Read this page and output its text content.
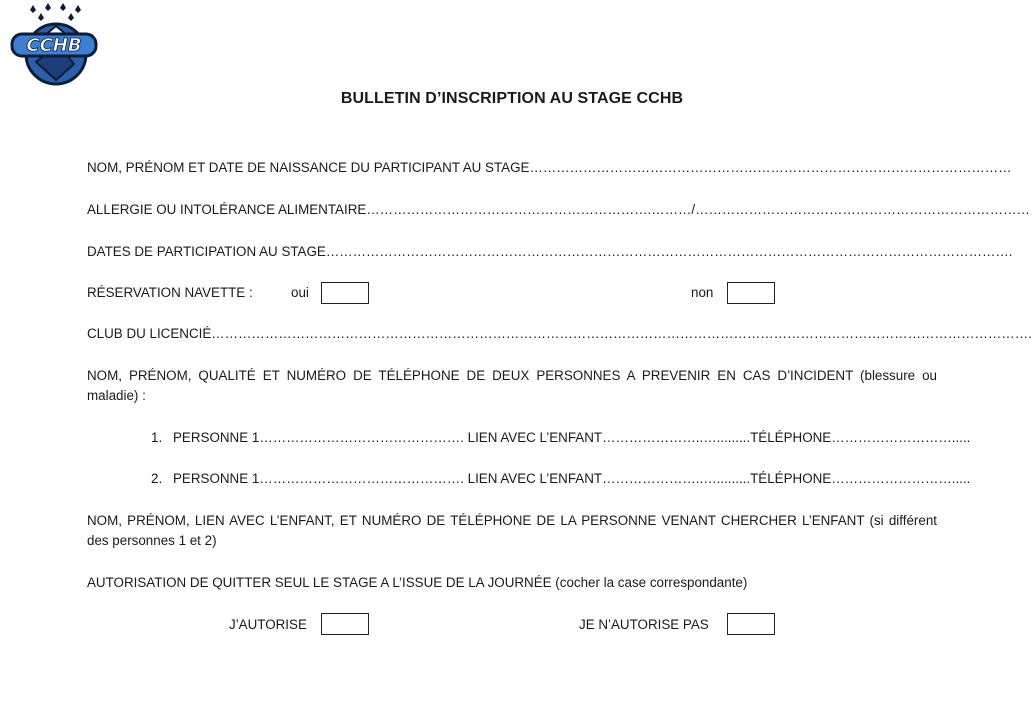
CCHB
BULLETIN D’INSCRIPTION AU STAGE CCHB
NOM, PRÉNOM ET DATE DE NAISSANCE DU PARTICIPANT AU STAGE………………………………………………………………………………………………
ALLERGIE OU INTOLÉRANCE ALIMENTAIRE……………………………………………………….………/…………………………………………………………………
DATES DE PARTICIPATION AU STAGE……………………………………………………………………………………………………………………………………….
RÉSERVATION NAVETTE :	oui	non
CLUB DU LICENCIÉ………………………………………………………………………………………………………………………………………………………………….
NOM, PRÉNOM, QUALITÉ ET NUMÉRO DE TÉLÉPHONE DE DEUX PERSONNES A PREVENIR EN CAS D’INCIDENT (blessure ou maladie) :
1. PERSONNE 1………………………………………. LIEN AVEC L’ENFANT…………………..….........TÉLÉPHONE……………………….....
2. PERSONNE 1………………………………………. LIEN AVEC L’ENFANT…………………..….........TÉLÉPHONE……………………….....
NOM, PRÉNOM, LIEN AVEC L’ENFANT, ET NUMÉRO DE TÉLÉPHONE DE LA PERSONNE VENANT CHERCHER L’ENFANT (si différent des personnes 1 et 2)
AUTORISATION DE QUITTER SEUL LE STAGE A L’ISSUE DE LA JOURNÉE (cocher la case correspondante)
J’AUTORISE	JE N’AUTORISE PAS
